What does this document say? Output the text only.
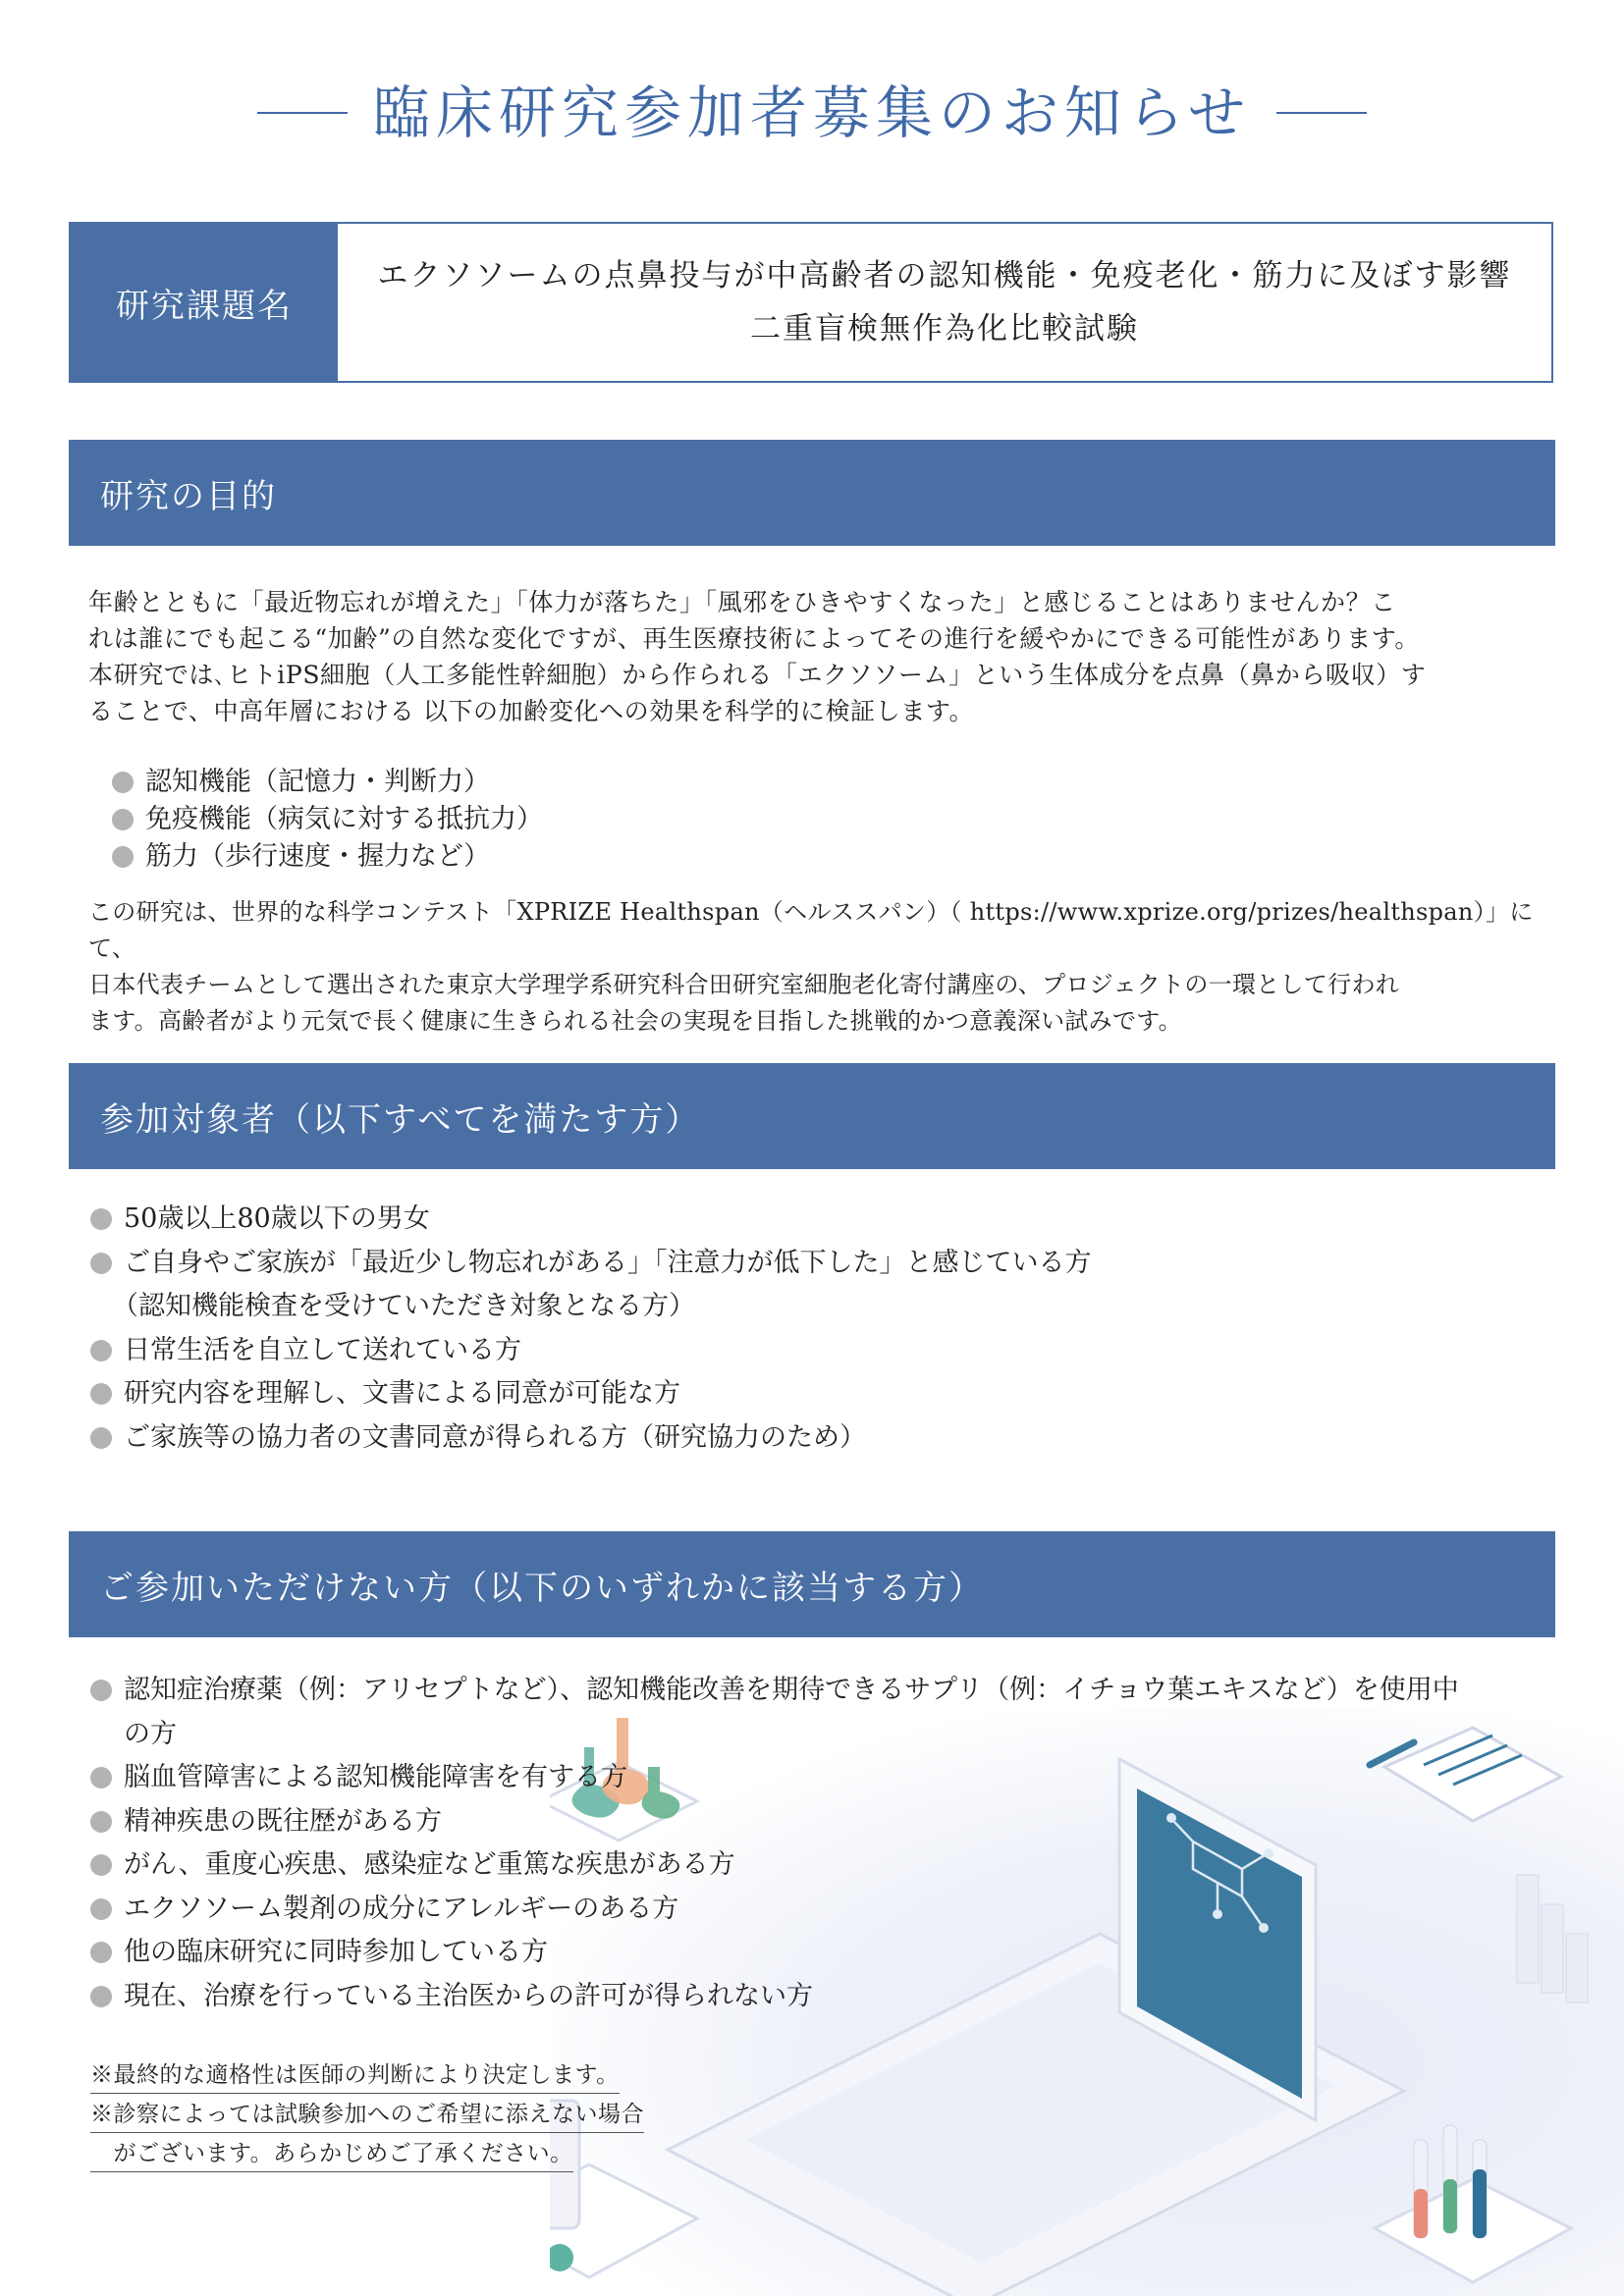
臨床研究参加者募集のお知らせ
研究課題名
エクソソームの点鼻投与が中高齢者の認知機能・免疫老化・筋力に及ぼす影響
二重盲検無作為化比較試験
研究の目的

年齢とともに「最近物忘れが増えた」「体力が落ちた」「風邪をひきやすくなった」と感じることはありませんか？こ
れは誰にでも起こる“加齢”の自然な変化ですが、再生医療技術によってその進行を緩やかにできる可能性があります。
本研究では､ヒトiPS細胞（人工多能性幹細胞）から作られる「エクソソーム」という生体成分を点鼻（鼻から吸収）す
ることで、中高年層における 以下の加齢変化への効果を科学的に検証します。

認知機能（記憶力・判断力）
免疫機能（病気に対する抵抗力）
筋力（歩行速度・握力など）

この研究は、世界的な科学コンテスト「XPRIZE Healthspan（ヘルススパン）（ https://www.xprize.org/prizes/healthspan）」にて、
日本代表チームとして選出された東京大学理学系研究科合田研究室細胞老化寄付講座の、プロジェクトの一環として行われ
ます。高齢者がより元気で長く健康に生きられる社会の実現を目指した挑戦的かつ意義深い試みです。

参加対象者（以下すべてを満たす方）
50歳以上80歳以下の男女
ご自身やご家族が「最近少し物忘れがある」「注意力が低下した」と感じている方
（認知機能検査を受けていただき対象となる方）
日常生活を自立して送れている方
研究内容を理解し、文書による同意が可能な方
ご家族等の協力者の文書同意が得られる方（研究協力のため）
ご参加いただけない方（以下のいずれかに該当する方）
認知症治療薬（例：アリセプトなど）、認知機能改善を期待できるサプリ（例：イチョウ葉エキスなど）を使用中
の方
脳血管障害による認知機能障害を有する方
精神疾患の既往歴がある方
がん、重度心疾患、感染症など重篤な疾患がある方
エクソソーム製剤の成分にアレルギーのある方
他の臨床研究に同時参加している方
現在、治療を行っている主治医からの許可が得られない方
※最終的な適格性は医師の判断により決定します。
※診察によっては試験参加へのご希望に添えない場合
　がございます。あらかじめご了承ください。
